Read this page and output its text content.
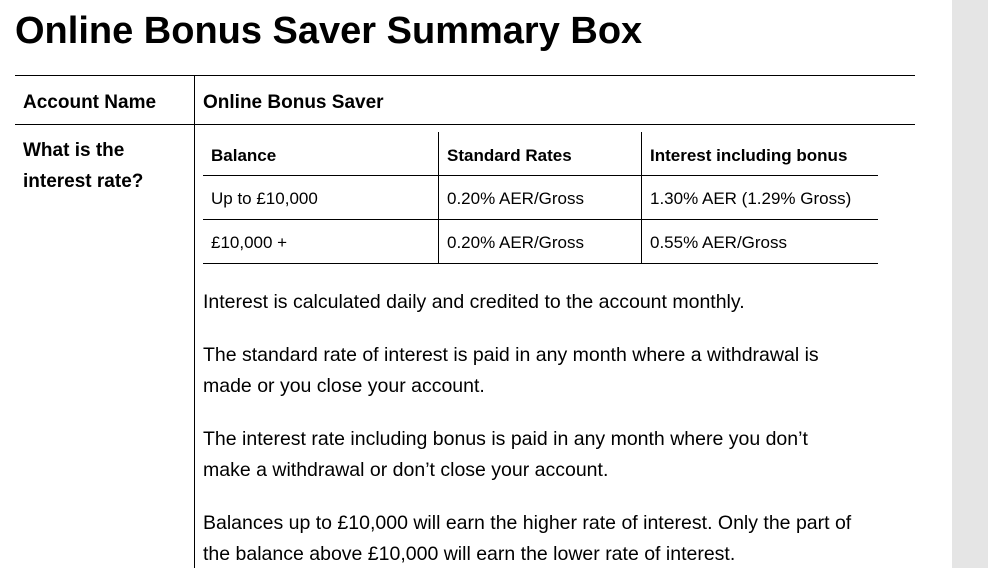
Online Bonus Saver Summary Box
Account Name Online Bonus Saver
What is the
interest rate?
Balance	Standard Rates	Interest including bonus
Up to £10,000	0.20% AER/Gross	1.30% AER (1.29% Gross)
£10,000 +	0.20% AER/Gross	0.55% AER/Gross
Interest is calculated daily and credited to the account monthly.
The standard rate of interest is paid in any month where a withdrawal is
made or you close your account.
The interest rate including bonus is paid in any month where you don’t
make a withdrawal or don’t close your account.
Balances up to £10,000 will earn the higher rate of interest. Only the part of
the balance above £10,000 will earn the lower rate of interest.
